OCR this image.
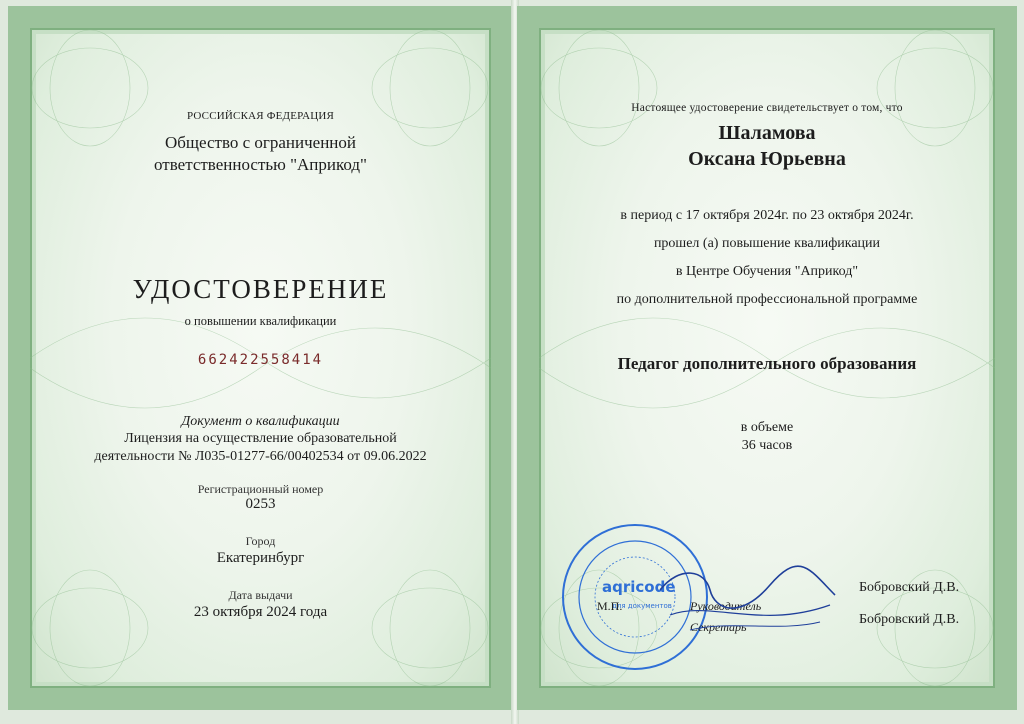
РОССИЙСКАЯ ФЕДЕРАЦИЯ
Общество с ограниченной
ответственностью "Априкод"
УДОСТОВЕРЕНИЕ
о повышении квалификации
662422558414
Документ о квалификации
Лицензия на осуществление образовательной
деятельности № Л035-01277-66/00402534 от 09.06.2022
Регистрационный номер
0253
Город
Екатеринбург
Дата выдачи
23 октября 2024 года
Настоящее удостоверение свидетельствует о том, что
Шаламова
Оксана Юрьевна
в период с 17 октября 2024г. по 23 октября 2024г.
прошел (а) повышение квалификации
в Центре Обучения "Априкод"
по дополнительной профессиональной программе
Педагог дополнительного образования
в объеме
36 часов
Бобровский Д.В.
Бобровский Д.В.
aqricode
для документов
М.П.	Руководитель
Секретарь
